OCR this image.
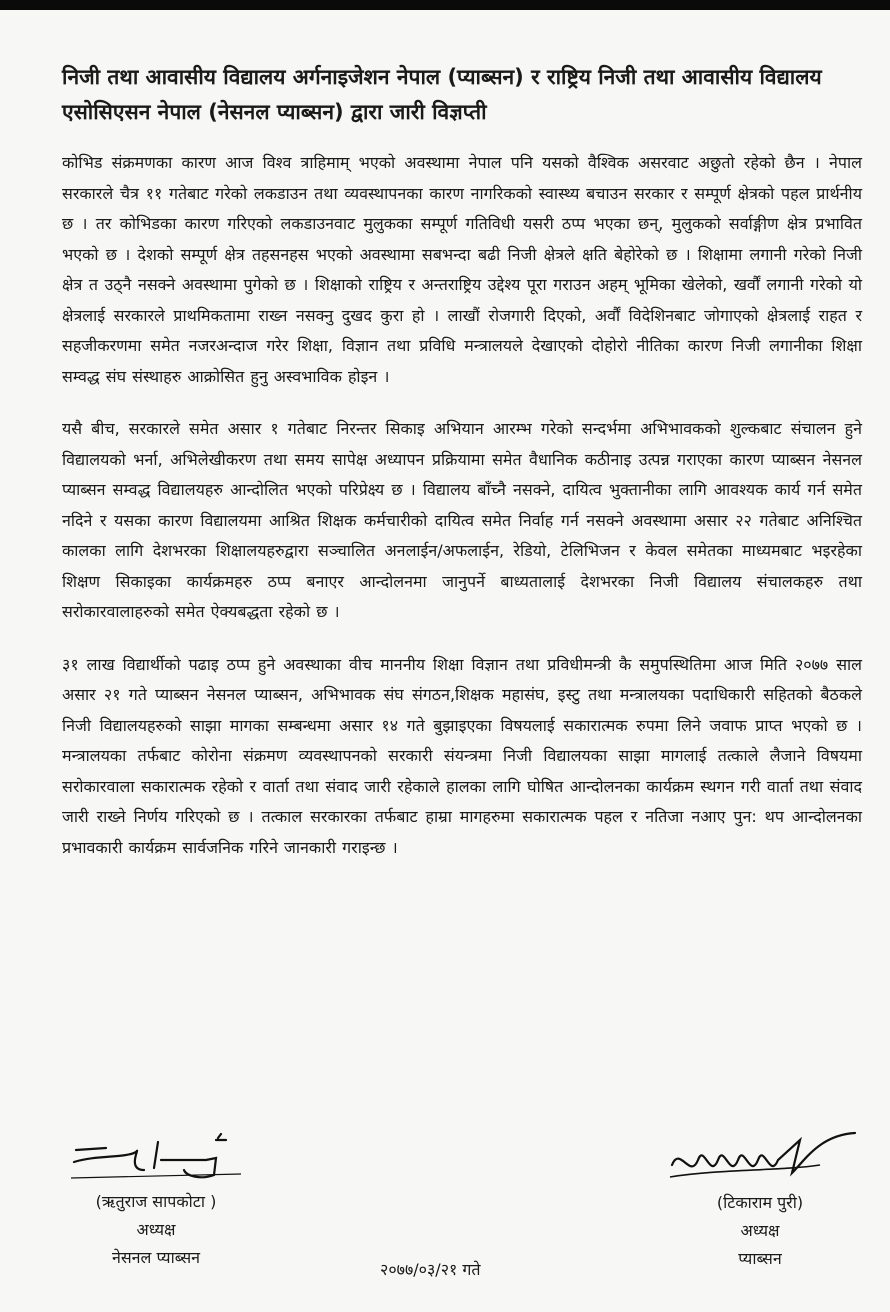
निजी तथा आवासीय विद्यालय अर्गनाइजेशन नेपाल (प्याब्सन) र राष्ट्रिय निजी तथा आवासीय विद्यालय एसोसिएसन नेपाल (नेसनल प्याब्सन) द्वारा जारी विज्ञप्ती

कोभिड संक्रमणका कारण आज विश्व त्राहिमाम् भएको अवस्थामा नेपाल पनि यसको वैश्विक असरवाट अछुतो रहेको छैन । नेपाल सरकारले चैत्र ११ गतेबाट गरेको लकडाउन तथा व्यवस्थापनका कारण नागरिकको स्वास्थ्य बचाउन सरकार र सम्पूर्ण क्षेत्रको पहल प्रार्थनीय छ । तर कोभिडका कारण गरिएको लकडाउनवाट मुलुकका सम्पूर्ण गतिविधी यसरी ठप्प भएका छन्, मुलुकको सर्वाङ्गीण क्षेत्र प्रभावित भएको छ । देशको सम्पूर्ण क्षेत्र तहसनहस भएको अवस्थामा सबभन्दा बढी निजी क्षेत्रले क्षति बेहोरेको छ । शिक्षामा लगानी गरेको निजी क्षेत्र त उठ्नै नसक्ने अवस्थामा पुगेको छ । शिक्षाको राष्ट्रिय र अन्तराष्ट्रिय उद्देश्य पूरा गराउन अहम् भूमिका खेलेको, खर्वौं लगानी गरेको यो क्षेत्रलाई सरकारले प्राथमिकतामा राख्न नसक्नु दुखद कुरा हो । लाखौं रोजगारी दिएको, अर्वौं विदेशिनबाट जोगाएको क्षेत्रलाई राहत र सहजीकरणमा समेत नजरअन्दाज गरेर शिक्षा, विज्ञान तथा प्रविधि मन्त्रालयले देखाएको दोहोरो नीतिका कारण निजी लगानीका शिक्षा सम्वद्ध संघ संस्थाहरु आक्रोसित हुनु अस्वभाविक होइन ।

यसै बीच, सरकारले समेत असार १ गतेबाट निरन्तर सिकाइ अभियान आरम्भ गरेको सन्दर्भमा अभिभावकको शुल्कबाट संचालन हुने विद्यालयको भर्ना, अभिलेखीकरण तथा समय सापेक्ष अध्यापन प्रक्रियामा समेत वैधानिक कठीनाइ उत्पन्न गराएका कारण प्याब्सन नेसनल प्याब्सन सम्वद्ध विद्यालयहरु आन्दोलित भएको परिप्रेक्ष्य छ । विद्यालय बाँच्नै नसक्ने, दायित्व भुक्तानीका लागि आवश्यक कार्य गर्न समेत नदिने र यसका कारण विद्यालयमा आश्रित शिक्षक कर्मचारीको दायित्व समेत निर्वाह गर्न नसक्ने अवस्थामा असार २२ गतेबाट अनिश्चित कालका लागि देशभरका शिक्षालयहरुद्वारा सञ्चालित अनलाईन/अफलाईन, रेडियो, टेलिभिजन र केवल समेतका माध्यमबाट भइरहेका शिक्षण सिकाइका कार्यक्रमहरु ठप्प बनाएर आन्दोलनमा जानुपर्ने बाध्यतालाई देशभरका निजी विद्यालय संचालकहरु तथा सरोकारवालाहरुको समेत ऐक्यबद्धता रहेको छ ।

३१ लाख विद्यार्थीको पढाइ ठप्प हुने अवस्थाका वीच माननीय शिक्षा विज्ञान तथा प्रविधीमन्त्री कै समुपस्थितिमा आज मिति २०७७ साल असार २१ गते प्याब्सन नेसनल प्याब्सन, अभिभावक संघ संगठन,शिक्षक महासंघ, इस्टु तथा मन्त्रालयका पदाधिकारी सहितको बैठकले निजी विद्यालयहरुको साझा मागका सम्बन्धमा असार १४ गते बुझाइएका विषयलाई सकारात्मक रुपमा लिने जवाफ प्राप्त भएको छ । मन्त्रालयका तर्फबाट कोरोना संक्रमण व्यवस्थापनको सरकारी संयन्त्रमा निजी विद्यालयका साझा मागलाई तत्काले लैजाने विषयमा सरोकारवाला सकारात्मक रहेको र वार्ता तथा संवाद जारी रहेकाले हालका लागि घोषित आन्दोलनका कार्यक्रम स्थगन गरी वार्ता तथा संवाद जारी राख्ने निर्णय गरिएको छ । तत्काल सरकारका तर्फबाट हाम्रा मागहरुमा सकारात्मक पहल र नतिजा नआए पुन: थप आन्दोलनका प्रभावकारी कार्यक्रम सार्वजनिक गरिने जानकारी गराइन्छ ।

(ऋतुराज सापकोटा )
अध्यक्ष
नेसनल प्याब्सन
(टिकाराम पुरी)
अध्यक्ष
प्याब्सन
२०७७/०३/२१ गते
